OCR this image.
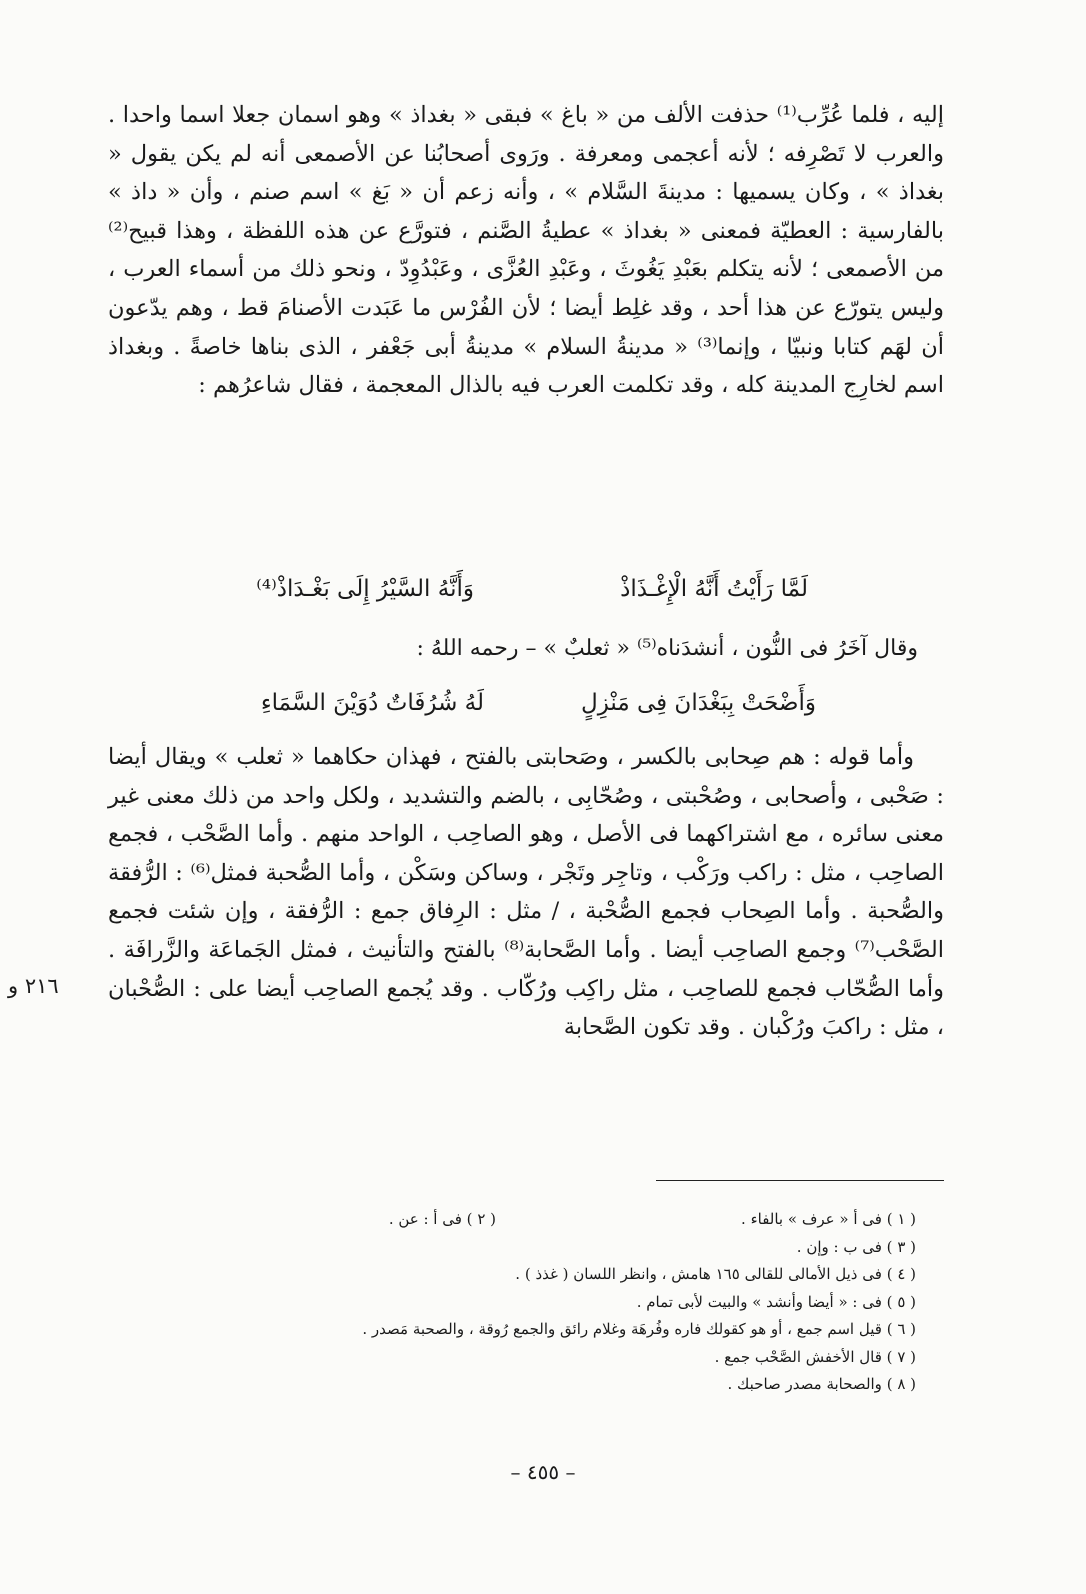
إليه ، فلما عُرِّب⁽¹⁾ حذفت الألف من « باغ » فبقى « بغداذ » وهو اسمان جعلا اسما واحدا . والعرب لا تَصْرِفه ؛ لأنه أعجمى ومعرفة . ورَوى أصحابُنا عن الأصمعى أنه لم يكن يقول « بغداذ » ، وكان يسميها : مدينةَ السَّلام » ، وأنه زعم أن « بَغ » اسم صنم ، وأن « داذ » بالفارسية : العطيّة فمعنى « بغداذ » عطيةُ الصَّنم ، فتورَّع عن هذه اللفظة ، وهذا قبيح⁽²⁾ من الأصمعى ؛ لأنه يتكلم بعَبْدِ يَغُوثَ ، وعَبْدِ العُزَّى ، وعَبْدُوِدّ ، ونحو ذلك من أسماء العرب ، وليس يتورّع عن هذا أحد ، وقد غلِط أيضا ؛ لأن الفُرْس ما عَبَدت الأصنامَ قط ، وهم يدّعون أن لهَم كتابا ونبيّا ، وإنما⁽³⁾ « مدينةُ السلام » مدينةُ أبى جَعْفر ، الذى بناها خاصةً . وبغداذ اسم لخارِج المدينة كله ، وقد تكلمت العرب فيه بالذال المعجمة ، فقال شاعرُهم :

لَمَّا رَأَيْتُ أَنَّهُ الْإِغْـذَاذْ
وَأَنَّهُ السَّيْرُ إِلَى بَغْـدَاذْ⁽⁴⁾
وقال آخَرُ فى النُّون ، أنشدَناه⁽⁵⁾ « ثعلبٌ » – رحمه اللهُ :
وَأَضْحَتْ بِبَغْدَانَ فِى مَنْزِلٍ
لَهُ شُرُفَاتٌ دُوَيْنَ السَّمَاءِ

وأما قوله : هم صِحابى بالكسر ، وصَحابتى بالفتح ، فهذان حكاهما « ثعلب » ويقال أيضا : صَحْبى ، وأصحابى ، وصُحْبتى ، وصُحّابِى ، بالضم والتشديد ، ولكل واحد من ذلك معنى غير معنى سائره ، مع اشتراكهما فى الأصل ، وهو الصاحِب ، الواحد منهم . وأما الصَّحْب ، فجمع الصاحِب ، مثل : راكب ورَكْب ، وتاجِر وتَجْر ، وساكن وسَكْن ، وأما الصُّحبة فمثل⁽⁶⁾ : الرُّفقة والصُّحبة . وأما الصِحاب فجمع الصُّحْبة ، / مثل : الرِفاق جمع : الرُّفقة ، وإن شئت فجمع الصَّحْب⁽⁷⁾ وجمع الصاحِب أيضا . وأما الصَّحابة⁽⁸⁾ بالفتح والتأنيث ، فمثل الجَماعَة والزَّرافَة . وأما الصُّحّاب فجمع للصاحِب ، مثل راكِب ورُكّاب . وقد يُجمع الصاحِب أيضا على : الصُّحْبان ، مثل : راكبَ ورُكْبان . وقد تكون الصَّحابة

٢١٦ و
( ١ ) فى أ « عرف » بالفاء .
( ٢ ) فى أ : عن .
( ٣ ) فى ب : وإن .
( ٤ ) فى ذيل الأمالى للقالى ١٦٥ هامش ، وانظر اللسان ( غذذ ) .
( ٥ ) فى : « أيضا وأنشد » والبيت لأبى تمام .
( ٦ ) قيل اسم جمع ، أو هو كقولك فاره وفُرهَة وغلام رائق والجمع رُوقة ، والصحبة مَصدر .
( ٧ ) قال الأخفش الصَّحْب جمع .
( ٨ ) والصحابة مصدر صاحبك .
– ٤٥٥ –
